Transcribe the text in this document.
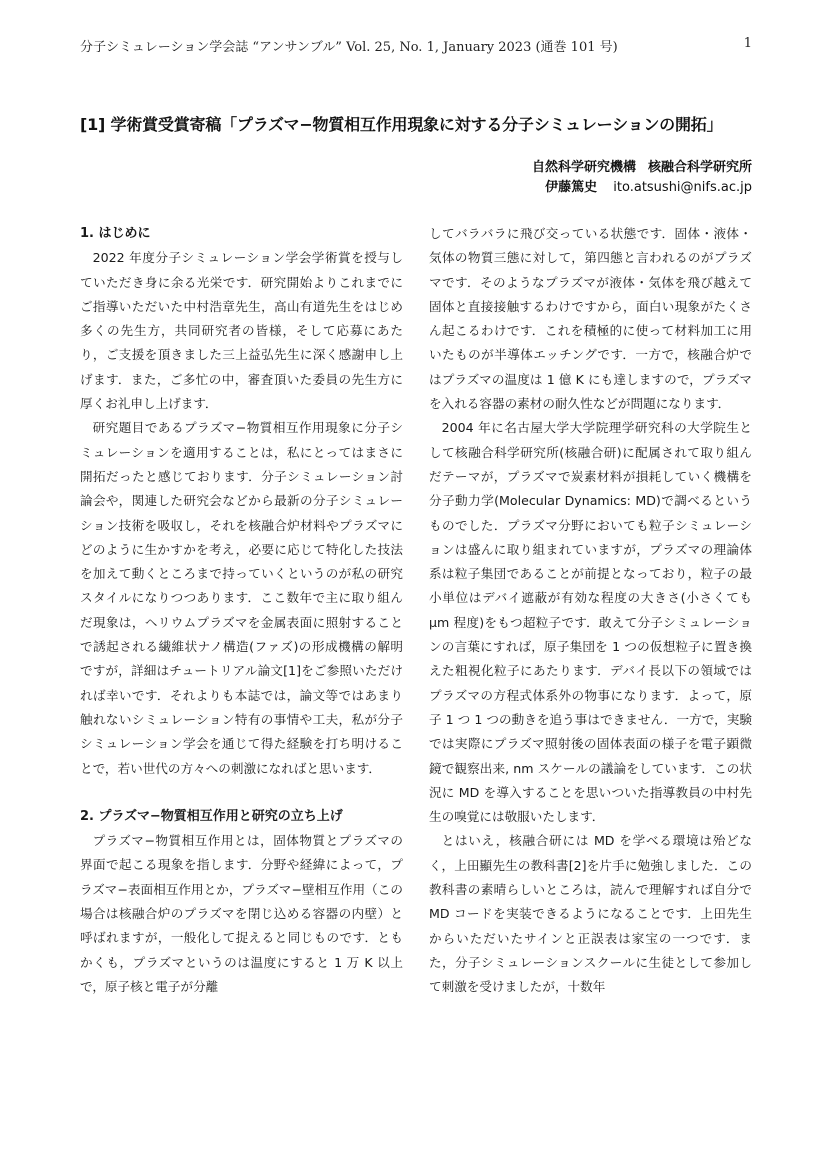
分子シミュレーション学会誌 “アンサンブル” Vol. 25, No. 1, January 2023 (通巻 101 号)	1
[1] 学術賞受賞寄稿「プラズマ−物質相互作用現象に対する分子シミュレーションの開拓」
自然科学研究機構 核融合科学研究所
伊藤篤史 ito.atsushi@nifs.ac.jp

1. はじめに

2022 年度分子シミュレーション学会学術賞を授与していただき身に余る光栄です．研究開始よりこれまでにご指導いただいた中村浩章先生，高山有道先生をはじめ多くの先生方，共同研究者の皆様，そして応募にあたり，ご支援を頂きました三上益弘先生に深く感謝申し上げます．また，ご多忙の中，審査頂いた委員の先生方に厚くお礼申し上げます．

研究題目であるプラズマ−物質相互作用現象に分子シミュレーションを適用することは，私にとってはまさに開拓だったと感じております．分子シミュレーション討論会や，関連した研究会などから最新の分子シミュレーション技術を吸収し，それを核融合炉材料やプラズマにどのように生かすかを考え，必要に応じて特化した技法を加えて動くところまで持っていくというのが私の研究スタイルになりつつあります．ここ数年で主に取り組んだ現象は，ヘリウムプラズマを金属表面に照射することで誘起される繊維状ナノ構造(ファズ)の形成機構の解明ですが，詳細はチュートリアル論文[1]をご参照いただければ幸いです．それよりも本誌では，論文等ではあまり触れないシミュレーション特有の事情や工夫，私が分子シミュレーション学会を通じて得た経験を打ち明けることで，若い世代の方々への刺激になればと思います．

2. プラズマ−物質相互作用と研究の立ち上げ

プラズマ−物質相互作用とは，固体物質とプラズマの界面で起こる現象を指します．分野や経緯によって，プラズマ−表面相互作用とか，プラズマ−壁相互作用（この場合は核融合炉のプラズマを閉じ込める容器の内壁）と呼ばれますが，一般化して捉えると同じものです．ともかくも，プラズマというのは温度にすると 1 万 K 以上で，原子核と電子が分離

してバラバラに飛び交っている状態です．固体・液体・気体の物質三態に対して，第四態と言われるのがプラズマです．そのようなプラズマが液体・気体を飛び越えて固体と直接接触するわけですから，面白い現象がたくさん起こるわけです．これを積極的に使って材料加工に用いたものが半導体エッチングです．一方で，核融合炉ではプラズマの温度は 1 億 K にも達しますので，プラズマを入れる容器の素材の耐久性などが問題になります．

2004 年に名古屋大学大学院理学研究科の大学院生として核融合科学研究所(核融合研)に配属されて取り組んだテーマが，プラズマで炭素材料が損耗していく機構を分子動力学(Molecular Dynamics: MD)で調べるというものでした．プラズマ分野においても粒子シミュレーションは盛んに取り組まれていますが，プラズマの理論体系は粒子集団であることが前提となっており，粒子の最小単位はデバイ遮蔽が有効な程度の大きさ(小さくても μm 程度)をもつ超粒子です．敢えて分子シミュレーションの言葉にすれば，原子集団を 1 つの仮想粒子に置き換えた粗視化粒子にあたります．デバイ長以下の領域ではプラズマの方程式体系外の物事になります．よって，原子 1 つ 1 つの動きを追う事はできません．一方で，実験では実際にプラズマ照射後の固体表面の様子を電子顕微鏡で観察出来, nm スケールの議論をしています．この状況に MD を導入することを思いついた指導教員の中村先生の嗅覚には敬服いたします．

とはいえ，核融合研には MD を学べる環境は殆どなく，上田顯先生の教科書[2]を片手に勉強しました．この教科書の素晴らしいところは，読んで理解すれば自分で MD コードを実装できるようになることです．上田先生からいただいたサインと正誤表は家宝の一つです．また，分子シミュレーションスクールに生徒として参加して刺激を受けましたが，十数年
